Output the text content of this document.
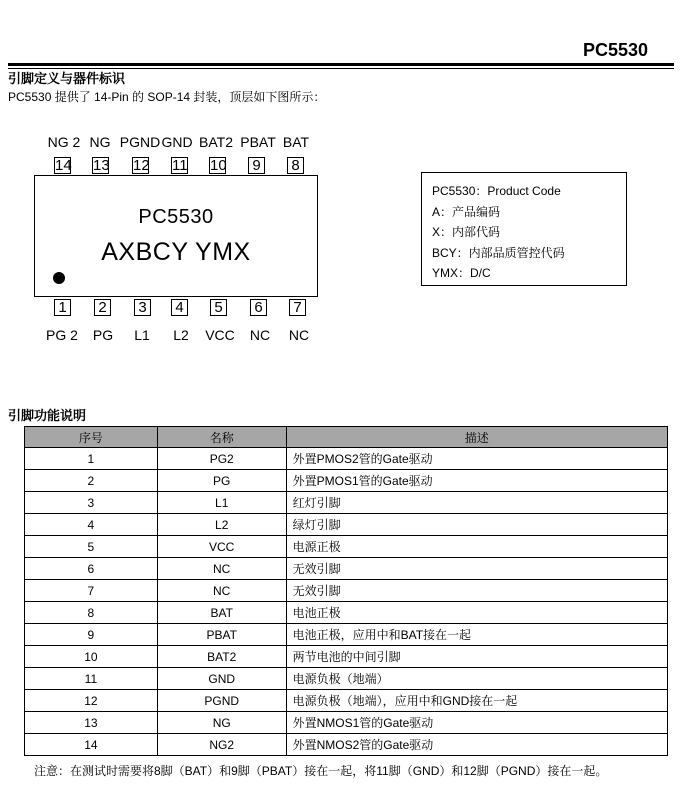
PC5530
引脚定义与器件标识
PC5530 提供了 14-Pin 的 SOP-14 封装，顶层如下图所示：
NG 2 NG PGND GND BAT2 PBAT BAT
14 13 12 11 10 9 8
PC5530
AXBCY YMX
1 2 3 4 5 6 7
PG 2	PG	L1	L2	VCC	NC	NC
PC5530：Product Code
A：产品编码
X：内部代码
BCY：内部品质管控代码
YMX：D/C
引脚功能说明
序号	名称	描述
1	PG2	外置PMOS2管的Gate驱动
2	PG	外置PMOS1管的Gate驱动
3	L1	红灯引脚
4	L2	绿灯引脚
5	VCC	电源正极
6	NC	无效引脚
7	NC	无效引脚
8	BAT	电池正极
9	PBAT	电池正极，应用中和BAT接在一起
10	BAT2	两节电池的中间引脚
11	GND	电源负极（地端）
12	PGND	电源负极（地端），应用中和GND接在一起
13	NG	外置NMOS1管的Gate驱动
14	NG2	外置NMOS2管的Gate驱动
注意：在测试时需要将8脚（BAT）和9脚（PBAT）接在一起，将11脚（GND）和12脚（PGND）接在一起。
